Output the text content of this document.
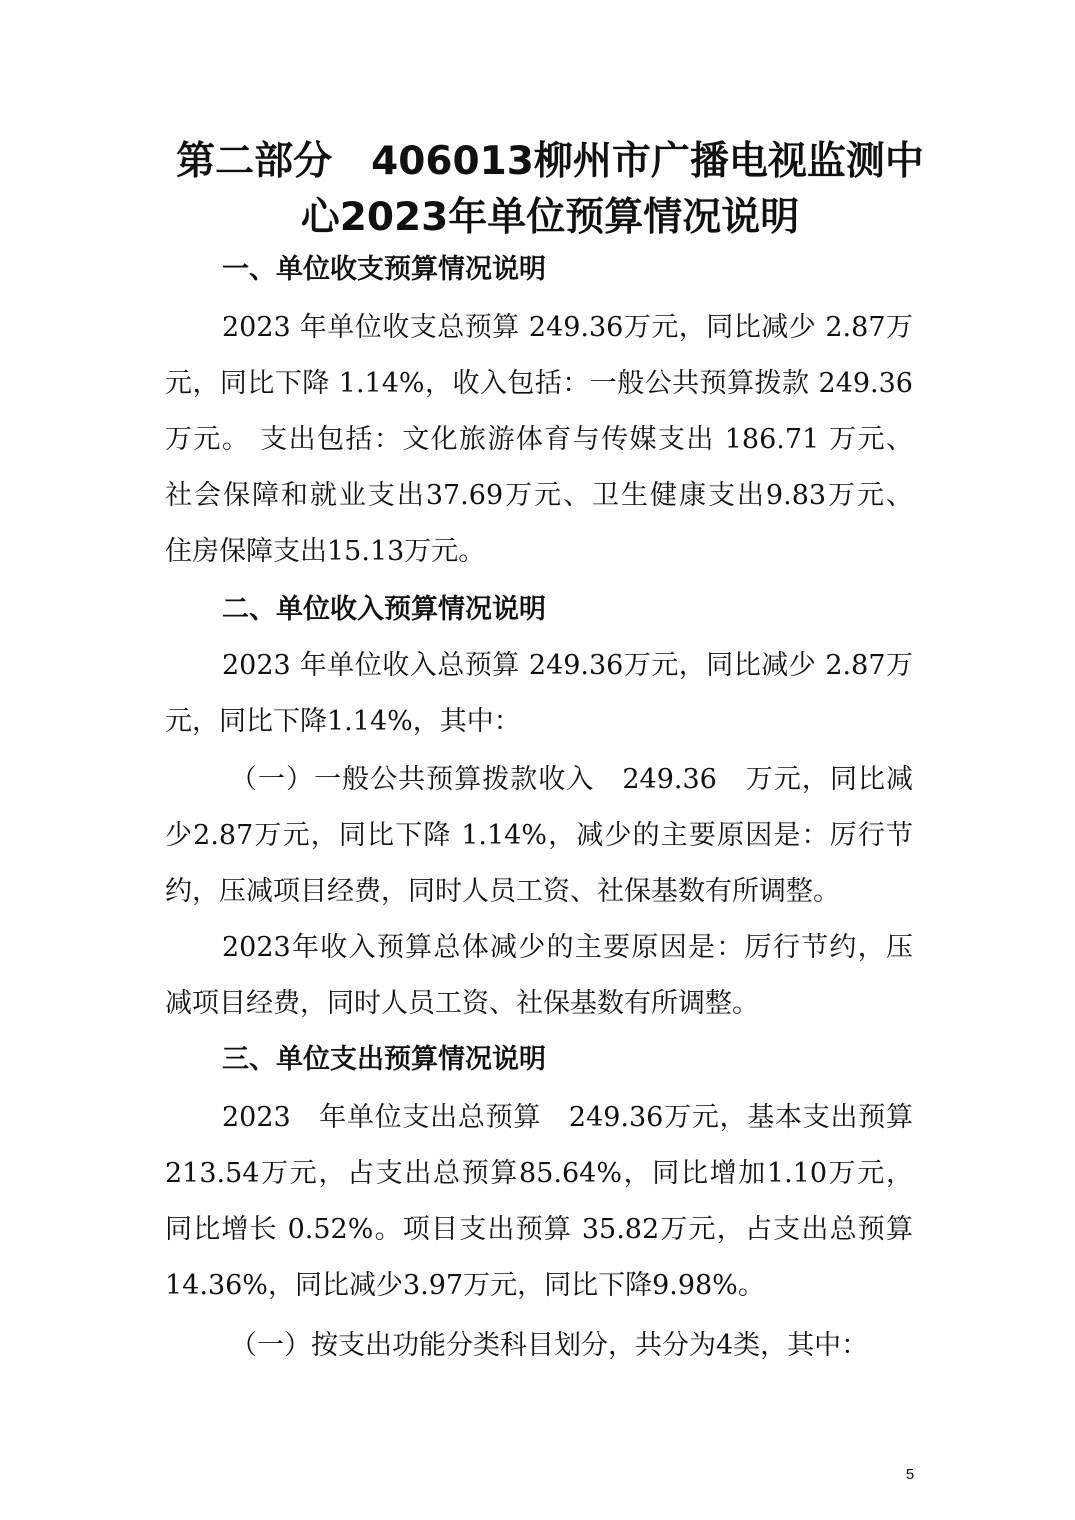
第二部分　406013柳州市广播电视监测中
心2023年单位预算情况说明
一、单位收支预算情况说明
2023 年单位收支总预算 249.36万元，同比减少 2.87万
元，同比下降 1.14%，收入包括：一般公共预算拨款 249.36
万元。 支出包括：文化旅游体育与传媒支出 186.71 万元、
社会保障和就业支出37.69万元、卫生健康支出9.83万元、
住房保障支出15.13万元。
二、单位收入预算情况说明
2023 年单位收入总预算 249.36万元，同比减少 2.87万
元，同比下降1.14%，其中：
（一）一般公共预算拨款收入　249.36　万元，同比减
少2.87万元，同比下降 1.14%，减少的主要原因是：厉行节
约，压减项目经费，同时人员工资、社保基数有所调整。
2023年收入预算总体减少的主要原因是：厉行节约，压
减项目经费，同时人员工资、社保基数有所调整。
三、单位支出预算情况说明
2023　年单位支出总预算　249.36万元，基本支出预算
213.54万元，占支出总预算85.64%，同比增加1.10万元，
同比增长 0.52%。项目支出预算 35.82万元，占支出总预算
14.36%，同比减少3.97万元，同比下降9.98%。
（一）按支出功能分类科目划分，共分为4类，其中：
5
